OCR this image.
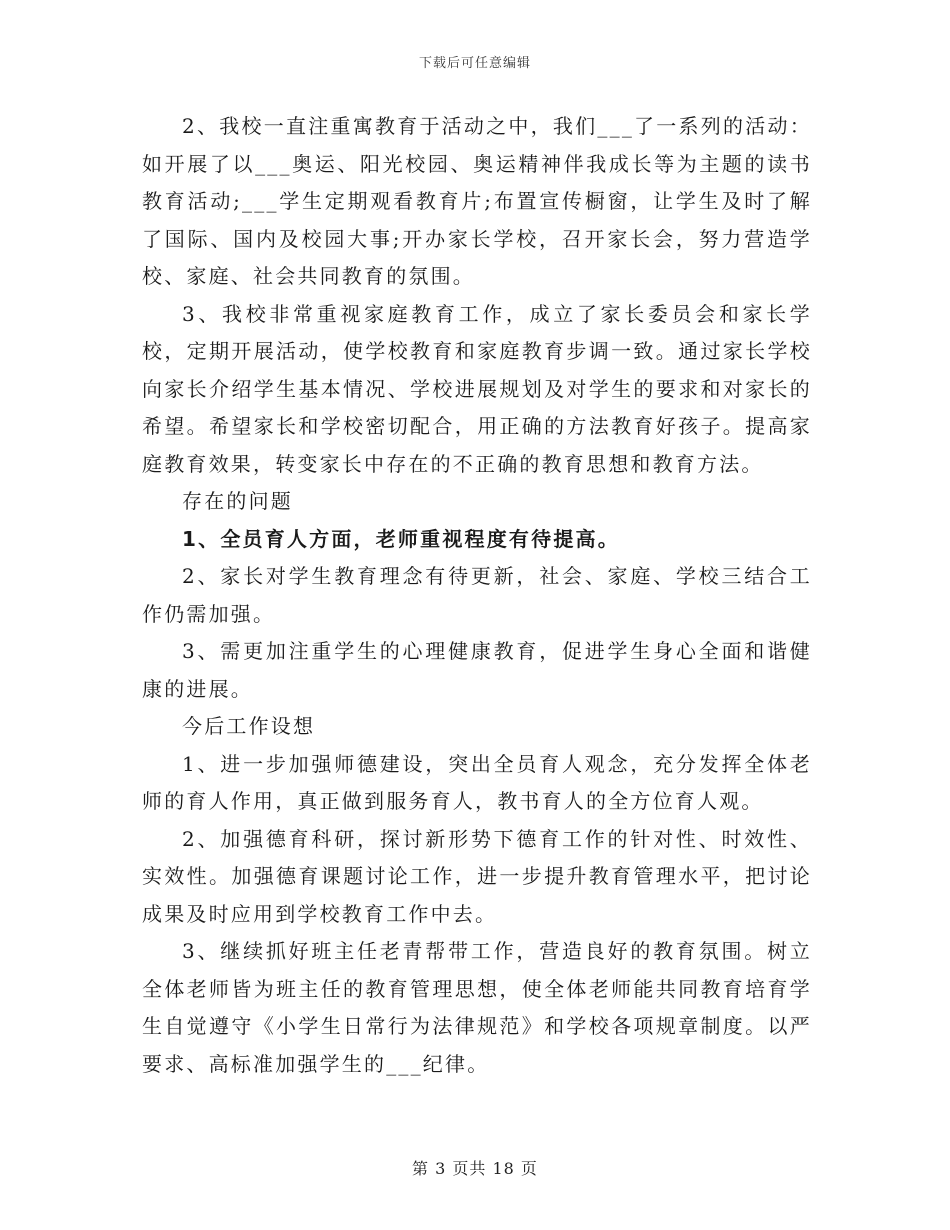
下载后可任意编辑

2、我校一直注重寓教育于活动之中，我们___了一系列的活动：如开展了以___奥运、阳光校园、奥运精神伴我成长等为主题的读书教育活动;___学生定期观看教育片;布置宣传橱窗，让学生及时了解了国际、国内及校园大事;开办家长学校，召开家长会，努力营造学校、家庭、社会共同教育的氛围。

3、我校非常重视家庭教育工作，成立了家长委员会和家长学校，定期开展活动，使学校教育和家庭教育步调一致。通过家长学校向家长介绍学生基本情况、学校进展规划及对学生的要求和对家长的希望。希望家长和学校密切配合，用正确的方法教育好孩子。提高家庭教育效果，转变家长中存在的不正确的教育思想和教育方法。

存在的问题

1、全员育人方面，老师重视程度有待提高。

2、家长对学生教育理念有待更新，社会、家庭、学校三结合工作仍需加强。

3、需更加注重学生的心理健康教育，促进学生身心全面和谐健康的进展。

今后工作设想

1、进一步加强师德建设，突出全员育人观念，充分发挥全体老师的育人作用，真正做到服务育人，教书育人的全方位育人观。

2、加强德育科研，探讨新形势下德育工作的针对性、时效性、实效性。加强德育课题讨论工作，进一步提升教育管理水平，把讨论成果及时应用到学校教育工作中去。

3、继续抓好班主任老青帮带工作，营造良好的教育氛围。树立全体老师皆为班主任的教育管理思想，使全体老师能共同教育培育学生自觉遵守《小学生日常行为法律规范》和学校各项规章制度。以严要求、高标准加强学生的___纪律。

第 3 页共 18 页
